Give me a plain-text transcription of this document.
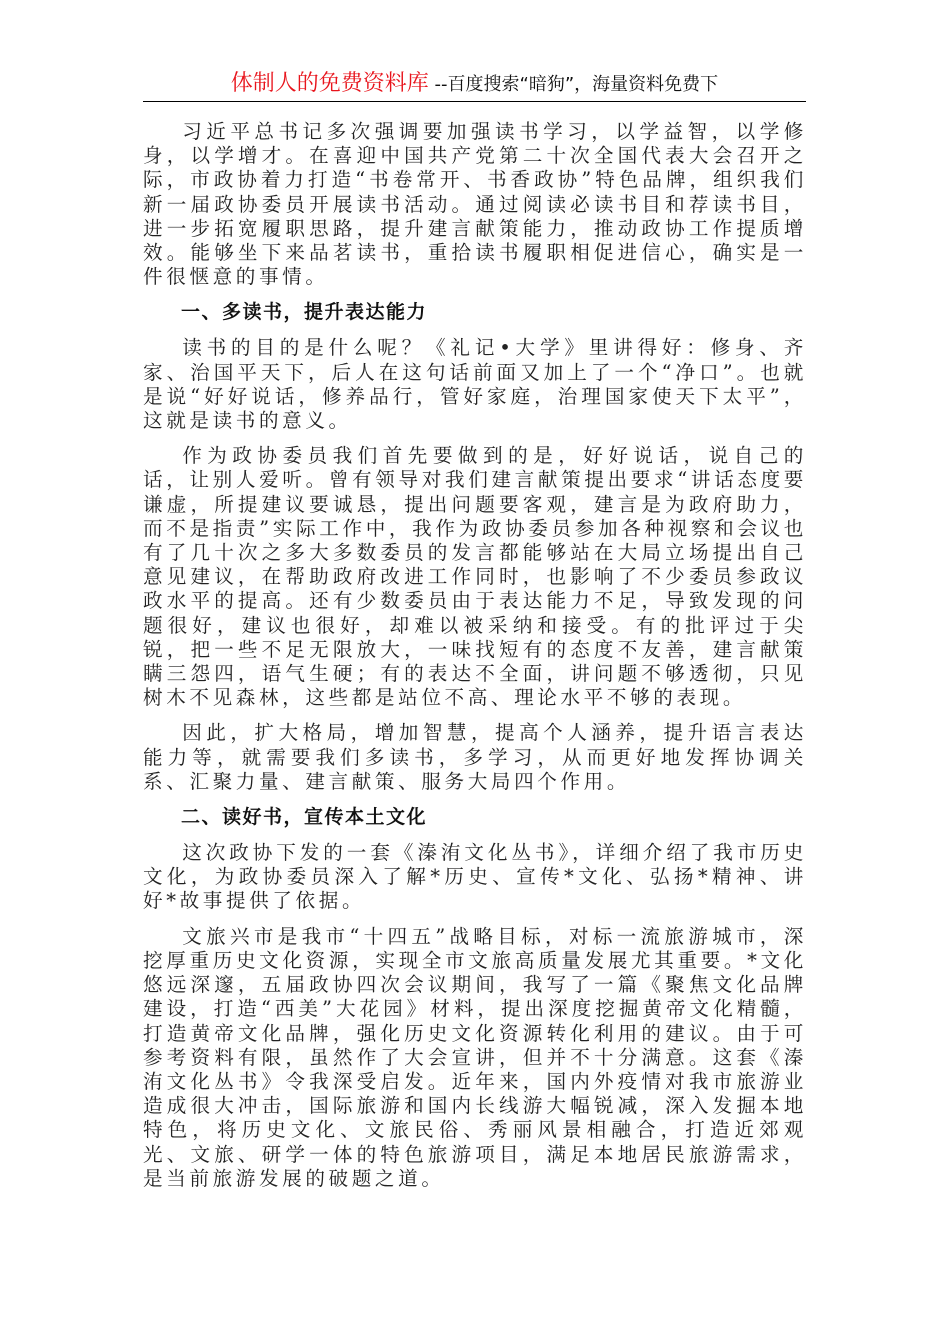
体制人的免费资料库 --百度搜索“暗狗”，海量资料免费下

习近平总书记多次强调要加强读书学习，以学益智，以学修身，以学增才。在喜迎中国共产党第二十次全国代表大会召开之际，市政协着力打造“书卷常开、书香政协”特色品牌，组织我们新一届政协委员开展读书活动。通过阅读必读书目和荐读书目，进一步拓宽履职思路，提升建言献策能力，推动政协工作提质增效。能够坐下来品茗读书，重拾读书履职相促进信心，确实是一件很惬意的事情。

一、多读书，提升表达能力

读书的目的是什么呢？《礼记•大学》里讲得好：修身、齐家、治国平天下，后人在这句话前面又加上了一个“净口”。也就是说“好好说话，修养品行，管好家庭，治理国家使天下太平”，这就是读书的意义。

作为政协委员我们首先要做到的是，好好说话，说自己的话，让别人爱听。曾有领导对我们建言献策提出要求“讲话态度要谦虚，所提建议要诚恳，提出问题要客观，建言是为政府助力，而不是指责”实际工作中，我作为政协委员参加各种视察和会议也有了几十次之多大多数委员的发言都能够站在大局立场提出自己意见建议，在帮助政府改进工作同时，也影响了不少委员参政议政水平的提高。还有少数委员由于表达能力不足，导致发现的问题很好，建议也很好，却难以被采纳和接受。有的批评过于尖锐，把一些不足无限放大，一味找短有的态度不友善，建言献策瞒三怨四，语气生硬；有的表达不全面，讲问题不够透彻，只见树木不见森林，这些都是站位不高、理论水平不够的表现。

因此，扩大格局，增加智慧，提高个人涵养，提升语言表达能力等，就需要我们多读书，多学习，从而更好地发挥协调关系、汇聚力量、建言献策、服务大局四个作用。

二、读好书，宣传本土文化

这次政协下发的一套《溱洧文化丛书》，详细介绍了我市历史文化，为政协委员深入了解*历史、宣传*文化、弘扬*精神、讲好*故事提供了依据。

文旅兴市是我市“十四五”战略目标，对标一流旅游城市，深挖厚重历史文化资源，实现全市文旅高质量发展尤其重要。*文化悠远深邃，五届政协四次会议期间，我写了一篇《聚焦文化品牌建设，打造“西美”大花园》材料，提出深度挖掘黄帝文化精髓，打造黄帝文化品牌，强化历史文化资源转化利用的建议。由于可参考资料有限，虽然作了大会宣讲，但并不十分满意。这套《溱洧文化丛书》令我深受启发。近年来，国内外疫情对我市旅游业造成很大冲击，国际旅游和国内长线游大幅锐减，深入发掘本地特色，将历史文化、文旅民俗、秀丽风景相融合，打造近郊观光、文旅、研学一体的特色旅游项目，满足本地居民旅游需求，是当前旅游发展的破题之道。
